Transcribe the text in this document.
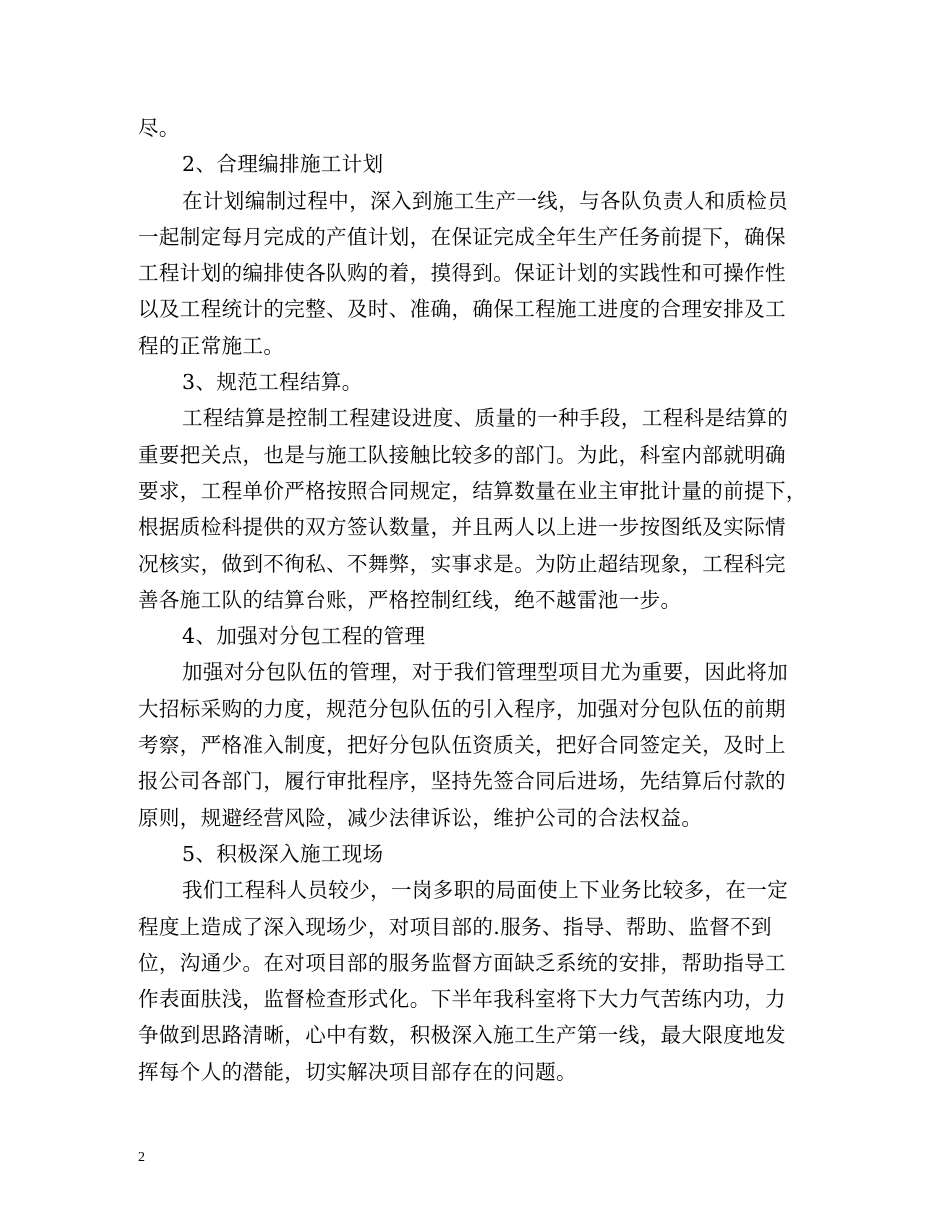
尽。
2、合理编排施工计划
在计划编制过程中，深入到施工生产一线，与各队负责人和质检员
一起制定每月完成的产值计划，在保证完成全年生产任务前提下，确保
工程计划的编排使各队购的着，摸得到。保证计划的实践性和可操作性
以及工程统计的完整、及时、准确，确保工程施工进度的合理安排及工
程的正常施工。
3、规范工程结算。
工程结算是控制工程建设进度、质量的一种手段，工程科是结算的
重要把关点，也是与施工队接触比较多的部门。为此，科室内部就明确
要求，工程单价严格按照合同规定，结算数量在业主审批计量的前提下，
根据质检科提供的双方签认数量，并且两人以上进一步按图纸及实际情
况核实，做到不徇私、不舞弊，实事求是。为防止超结现象，工程科完
善各施工队的结算台账，严格控制红线，绝不越雷池一步。
4、加强对分包工程的管理
加强对分包队伍的管理，对于我们管理型项目尤为重要，因此将加
大招标采购的力度，规范分包队伍的引入程序，加强对分包队伍的前期
考察，严格准入制度，把好分包队伍资质关，把好合同签定关，及时上
报公司各部门，履行审批程序，坚持先签合同后进场，先结算后付款的
原则，规避经营风险，减少法律诉讼，维护公司的合法权益。
5、积极深入施工现场
我们工程科人员较少，一岗多职的局面使上下业务比较多，在一定
程度上造成了深入现场少，对项目部的.服务、指导、帮助、监督不到
位，沟通少。在对项目部的服务监督方面缺乏系统的安排，帮助指导工
作表面肤浅，监督检查形式化。下半年我科室将下大力气苦练内功，力
争做到思路清晰，心中有数，积极深入施工生产第一线，最大限度地发
挥每个人的潜能，切实解决项目部存在的问题。
2
